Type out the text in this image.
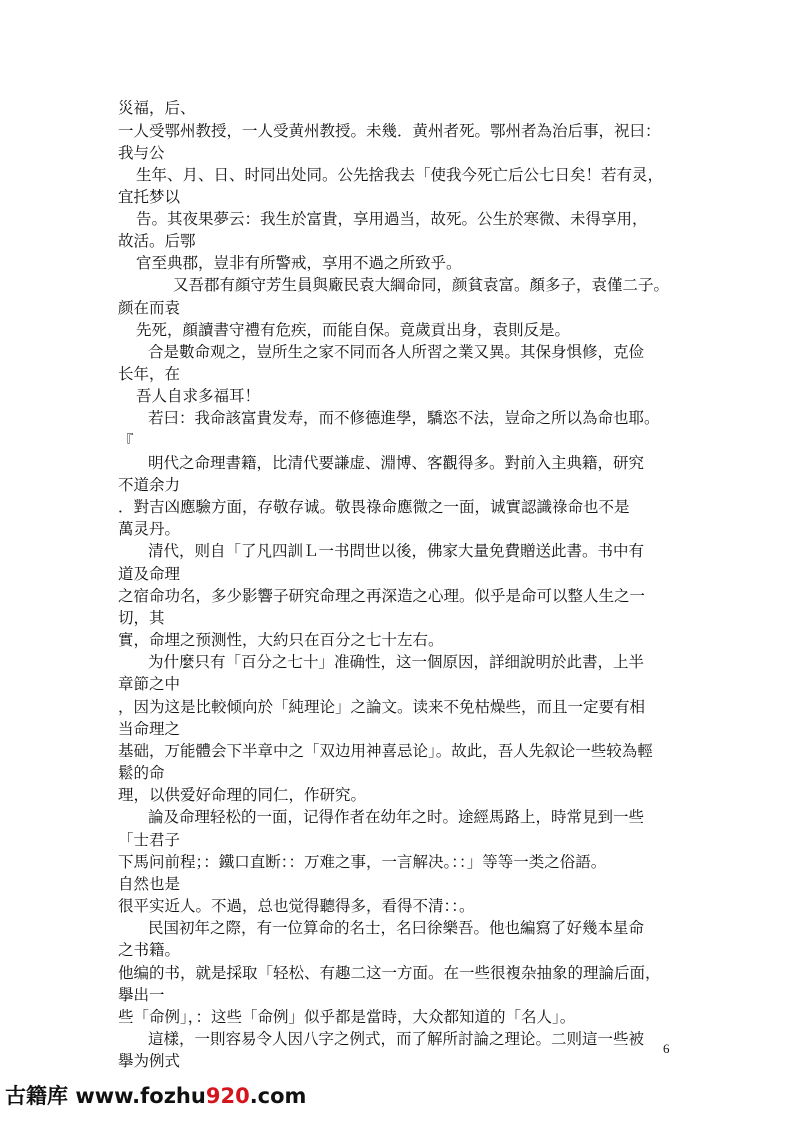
災福，后、
一人受鄂州教授，一人受黄州教授。未幾．黄州者死。鄂州者為治后事，祝曰：
我与公
生年、月、日、时同出处同。公先捨我去「使我今死亡后公七日矣！若有灵，
宜托梦以
告。其夜果夢云：我生於富貴，享用過当，故死。公生於寒微、未得享用，
故活。后鄂
官至典郡，豈非有所警戒，享用不過之所致乎。
又吾郡有顔守芳生員與廠民袁大綱命同，颜貧袁富。顏多子，袁僅二子。
颜在而袁
先死，顔讀書守禮有危疾，而能自保。竟歲貢出身，袁則反是。
合是數命观之，豈所生之家不同而各人所習之業又異。其保身惧修，克俭
长年，在
吾人自求多福耳！
若曰：我命該富貴发寿，而不修德進學，驕恣不法，豈命之所以為命也耶。
『
明代之命理書籍，比清代要謙虚、淵博、客觀得多。對前入主典籍，研究
不道余力
．對吉凶應驗方面，存敬存诚。敬畏祿命應微之一面，诚實認識祿命也不是
萬灵丹。
清代，则自「了凡四訓Ｌ一书問世以後，佛家大量免費贈送此書。书中有
道及命理
之宿命功名，多少影響子研究命理之再深造之心理。似乎是命可以整人生之一
切，其
實，命埋之预测性，大約只在百分之七十左右。
为什麼只有「百分之七十」准确性，这一個原因，詳细說明於此書，上半
章節之中
，因为这是比較倾向於「純理论」之論文。读来不免枯燥些，而且一定要有相
当命理之
基础，万能體会下半章中之「双边用神喜忌论」。故此，吾人先叙论一些较為輕
鬆的命
理，以供爱好命理的同仁，作研究。
論及命理轻松的一面，记得作者在幼年之时。途經馬路上，時常見到一些
「士君子
下馬问前程；：鐵口直断：：万难之事，一言解决。：：」等等一类之俗語。
自然也是
很平实近人。不過，总也觉得聽得多，看得不清：：。
民国初年之際，有一位算命的名士，名曰徐樂吾。他也編寫了好幾本星命
之书籍。
他编的书，就是採取「轻松、有趣二这一方面。在一些很複杂抽象的理論后面，
擧出一
些「命例」，：这些「命例」似乎都是當時，大众都知道的「名人」。
這樣，一則容易令人因八字之例式，而了解所討論之理论。二则這一些被
擧为例式
6
古籍库 www.fozhu920.com
